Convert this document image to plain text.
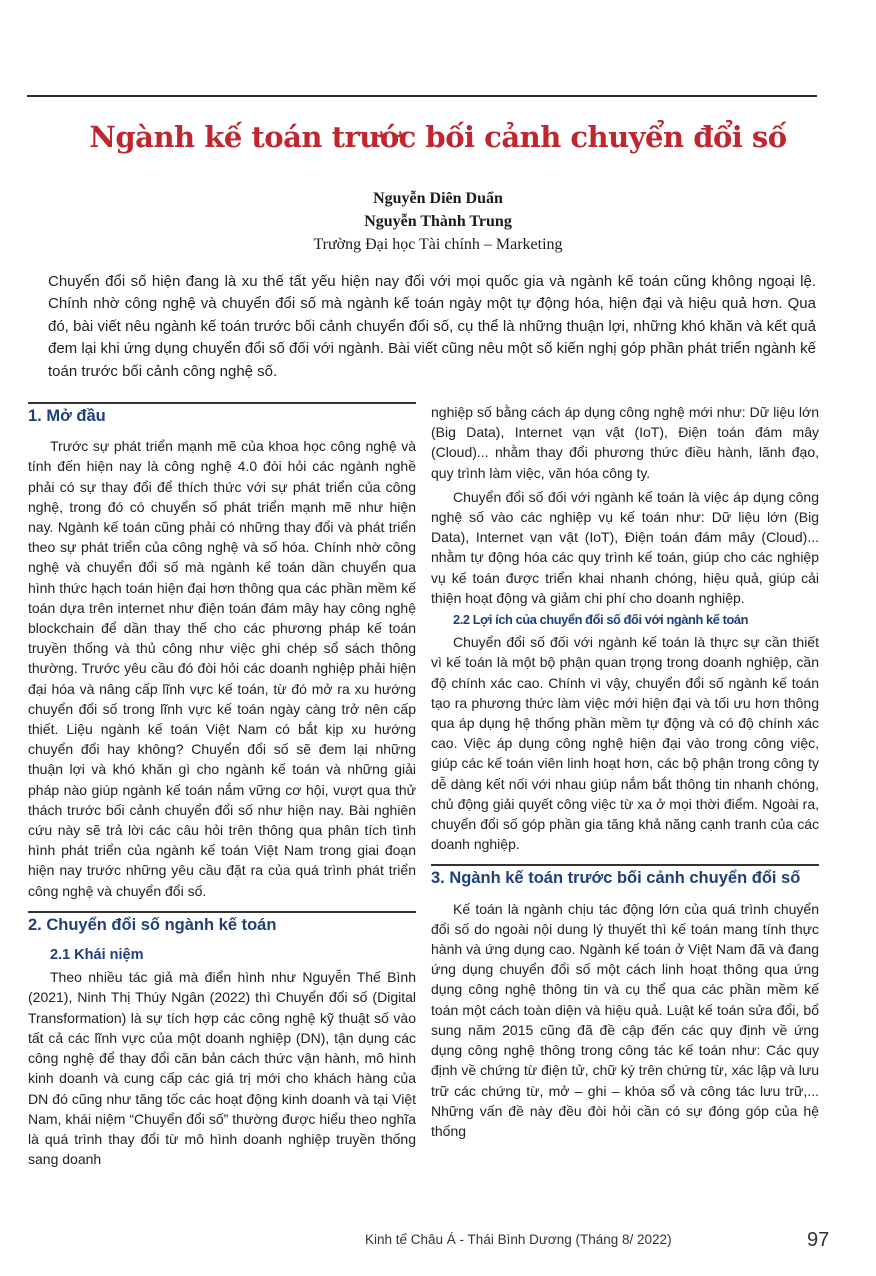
Ngành kế toán trước bối cảnh chuyển đổi số
Nguyễn Diên Duẩn
Nguyễn Thành Trung
Trường Đại học Tài chính – Marketing

Chuyển đổi số hiện đang là xu thế tất yếu hiện nay đối với mọi quốc gia và ngành kế toán cũng không ngoại lệ. Chính nhờ công nghệ và chuyển đổi số mà ngành kế toán ngày một tự động hóa, hiện đại và hiệu quả hơn. Qua đó, bài viết nêu ngành kế toán trước bối cảnh chuyển đổi số, cụ thể là những thuận lợi, những khó khăn và kết quả đem lại khi ứng dụng chuyển đổi số đối với ngành. Bài viết cũng nêu một số kiến nghị góp phần phát triển ngành kế toán trước bối cảnh công nghệ số.

1. Mở đầu

Trước sự phát triển mạnh mẽ của khoa học công nghệ và tính đến hiện nay là công nghệ 4.0 đòi hỏi các ngành nghề phải có sự thay đổi để thích thức với sự phát triển của công nghệ, trong đó có chuyển số phát triển mạnh mẽ như hiện nay. Ngành kế toán cũng phải có những thay đổi và phát triển theo sự phát triển của công nghệ và số hóa. Chính nhờ công nghệ và chuyển đổi số mà ngành kế toán dần chuyển qua hình thức hạch toán hiện đại hơn thông qua các phần mềm kế toán dựa trên internet như điện toán đám mây hay công nghệ blockchain để dần thay thế cho các phương pháp kế toán truyền thống và thủ công như việc ghi chép sổ sách thông thường. Trước yêu cầu đó đòi hỏi các doanh nghiệp phải hiện đại hóa và nâng cấp lĩnh vực kế toán, từ đó mở ra xu hướng chuyển đổi số trong lĩnh vực kế toán ngày càng trở nên cấp thiết. Liệu ngành kế toán Việt Nam có bắt kịp xu hướng chuyển đổi hay không? Chuyển đổi số sẽ đem lại những thuận lợi và khó khăn gì cho ngành kế toán và những giải pháp nào giúp ngành kế toán nắm vững cơ hội, vượt qua thử thách trước bối cảnh chuyển đổi số như hiện nay. Bài nghiên cứu này sẽ trả lời các câu hỏi trên thông qua phân tích tình hình phát triển của ngành kế toán Việt Nam trong giai đoạn hiện nay trước những yêu cầu đặt ra của quá trình phát triển công nghệ và chuyển đổi số.

2. Chuyển đổi số ngành kế toán
2.1 Khái niệm

Theo nhiều tác giả mà điển hình như Nguyễn Thế Bình (2021), Ninh Thị Thúy Ngân (2022) thì Chuyển đổi số (Digital Transformation) là sự tích hợp các công nghệ kỹ thuật số vào tất cả các lĩnh vực của một doanh nghiệp (DN), tận dụng các công nghệ để thay đổi căn bản cách thức vận hành, mô hình kinh doanh và cung cấp các giá trị mới cho khách hàng của DN đó cũng như tăng tốc các hoạt động kinh doanh và tại Việt Nam, khái niệm “Chuyển đổi số” thường được hiểu theo nghĩa là quá trình thay đổi từ mô hình doanh nghiệp truyền thống sang doanh

nghiệp số bằng cách áp dụng công nghệ mới như: Dữ liệu lớn (Big Data), Internet vạn vật (IoT), Điện toán đám mây (Cloud)... nhằm thay đổi phương thức điều hành, lãnh đạo, quy trình làm việc, văn hóa công ty.

Chuyển đổi số đối với ngành kế toán là việc áp dụng công nghệ số vào các nghiệp vụ kế toán như: Dữ liệu lớn (Big Data), Internet vạn vật (IoT), Điện toán đám mây (Cloud)... nhằm tự động hóa các quy trình kế toán, giúp cho các nghiệp vụ kế toán được triển khai nhanh chóng, hiệu quả, giúp cải thiện hoạt động và giảm chi phí cho doanh nghiệp.

2.2 Lợi ích của chuyển đổi số đối với ngành kế toán

Chuyển đổi số đối với ngành kế toán là thực sự cần thiết vì kế toán là một bộ phận quan trọng trong doanh nghiệp, cần độ chính xác cao. Chính vì vậy, chuyển đổi số ngành kế toán tạo ra phương thức làm việc mới hiện đại và tối ưu hơn thông qua áp dụng hệ thống phần mềm tự động và có độ chính xác cao. Việc áp dụng công nghệ hiện đại vào trong công việc, giúp các kế toán viên linh hoạt hơn, các bộ phận trong công ty dễ dàng kết nối với nhau giúp nắm bắt thông tin nhanh chóng, chủ động giải quyết công việc từ xa ở mọi thời điểm. Ngoài ra, chuyển đổi số góp phần gia tăng khả năng cạnh tranh của các doanh nghiệp.

3. Ngành kế toán trước bối cảnh chuyển đổi số

Kế toán là ngành chịu tác động lớn của quá trình chuyển đổi số do ngoài nội dung lý thuyết thì kế toán mang tính thực hành và ứng dụng cao. Ngành kế toán ở Việt Nam đã và đang ứng dụng chuyển đổi số một cách linh hoạt thông qua ứng dụng công nghệ thông tin và cụ thể qua các phần mềm kế toán một cách toàn diện và hiệu quả. Luật kế toán sửa đổi, bổ sung năm 2015 cũng đã đề cập đến các quy định về ứng dụng công nghệ thông trong công tác kế toán như: Các quy định về chứng từ điện tử, chữ ký trên chứng từ, xác lập và lưu trữ các chứng từ, mở – ghi – khóa sổ và công tác lưu trữ,... Những vấn đề này đều đòi hỏi cần có sự đóng góp của hệ thống

Kinh tế Châu Á - Thái Bình Dương (Tháng 8/ 2022)	97
